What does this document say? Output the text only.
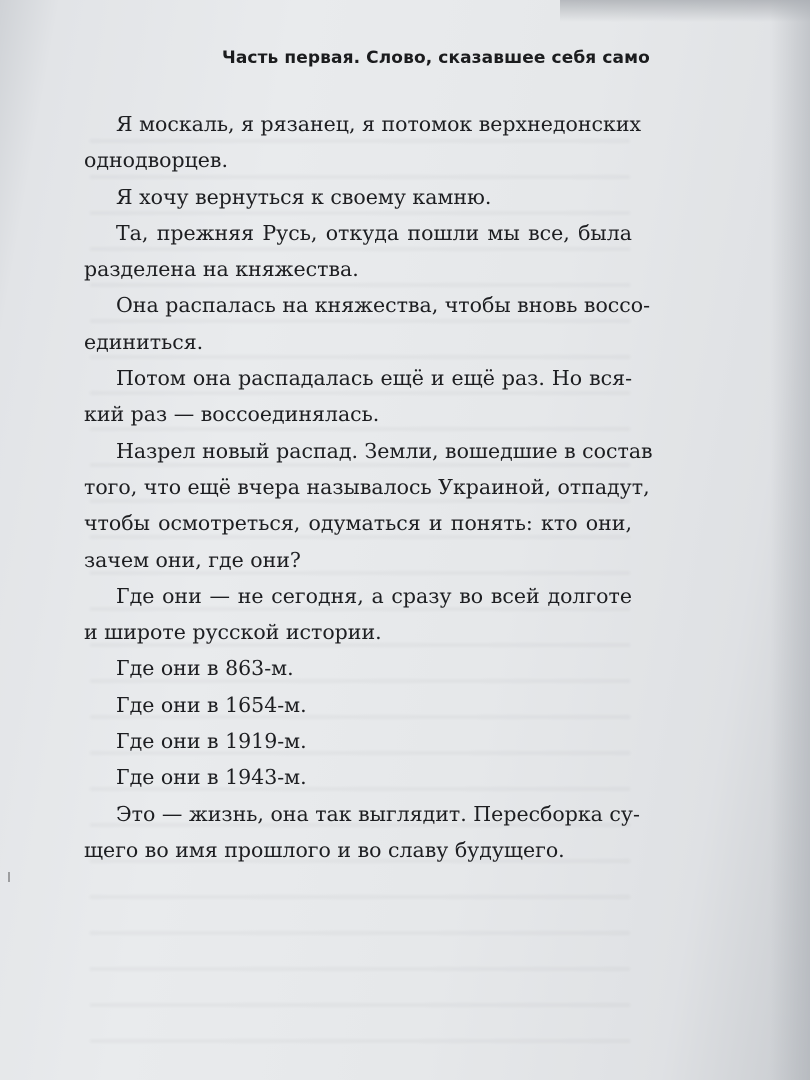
Часть первая. Слово, сказавшее себя само

Я москаль, я рязанец, я потомок верхнедонских
однодворцев.

Я хочу вернуться к своему камню.

Та, прежняя Русь, откуда пошли мы все, была
разделена на княжества.

Она распалась на княжества, чтобы вновь воссо-
единиться.

Потом она распадалась ещё и ещё раз. Но вся-
кий раз — воссоединялась.

Назрел новый распад. Земли, вошедшие в состав
того, что ещё вчера называлось Украиной, отпадут,
чтобы осмотреться, одуматься и понять: кто они,
зачем они, где они?

Где они — не сегодня, а сразу во всей долготе
и широте русской истории.

Где они в 863-м.

Где они в 1654-м.

Где они в 1919-м.

Где они в 1943-м.

Это — жизнь, она так выглядит. Пересборка су-
щего во имя прошлого и во славу будущего.
